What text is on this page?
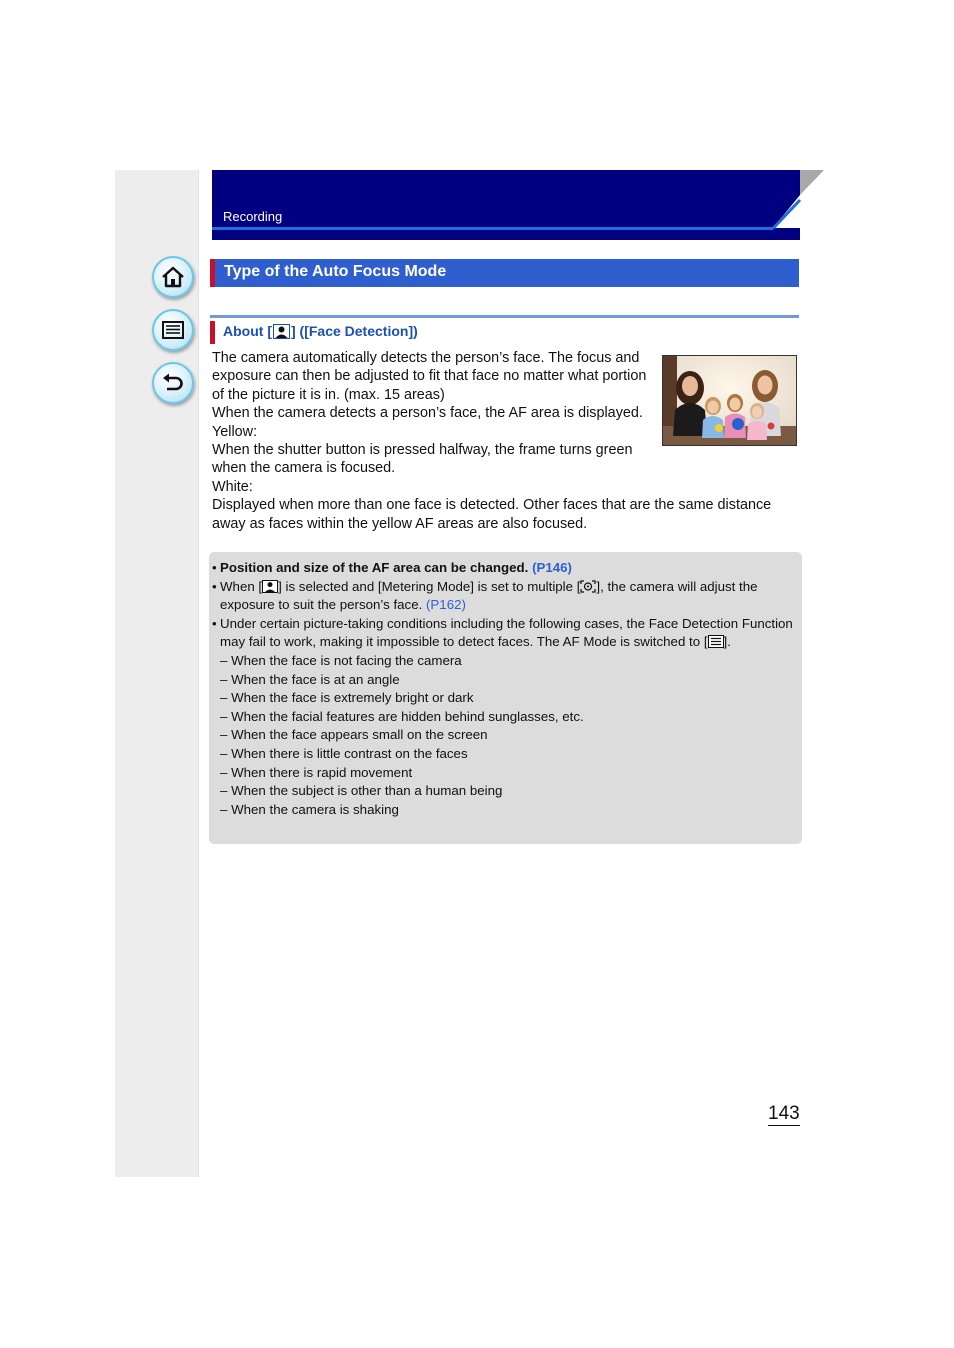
Recording
Type of the Auto Focus Mode
About [ ] ([Face Detection])

The camera automatically detects the person’s face. The focus and exposure can then be adjusted to fit that face no matter what portion of the picture it is in. (max. 15 areas)

When the camera detects a person’s face, the AF area is displayed.

Yellow:

When the shutter button is pressed halfway, the frame turns green when the camera is focused.

White:

Displayed when more than one face is detected. Other faces that are the same distance away as faces within the yellow AF areas are also focused.

• Position and size of the AF area can be changed. (P146)
• When [ ] is selected and [Metering Mode] is set to multiple [ ], the camera will adjust the exposure to suit the person’s face. (P162)
• Under certain picture-taking conditions including the following cases, the Face Detection Function may fail to work, making it impossible to detect faces. The AF Mode is switched to [ ].
– When the face is not facing the camera
– When the face is at an angle
– When the face is extremely bright or dark
– When the facial features are hidden behind sunglasses, etc.
– When the face appears small on the screen
– When there is little contrast on the faces
– When there is rapid movement
– When the subject is other than a human being
– When the camera is shaking
143
